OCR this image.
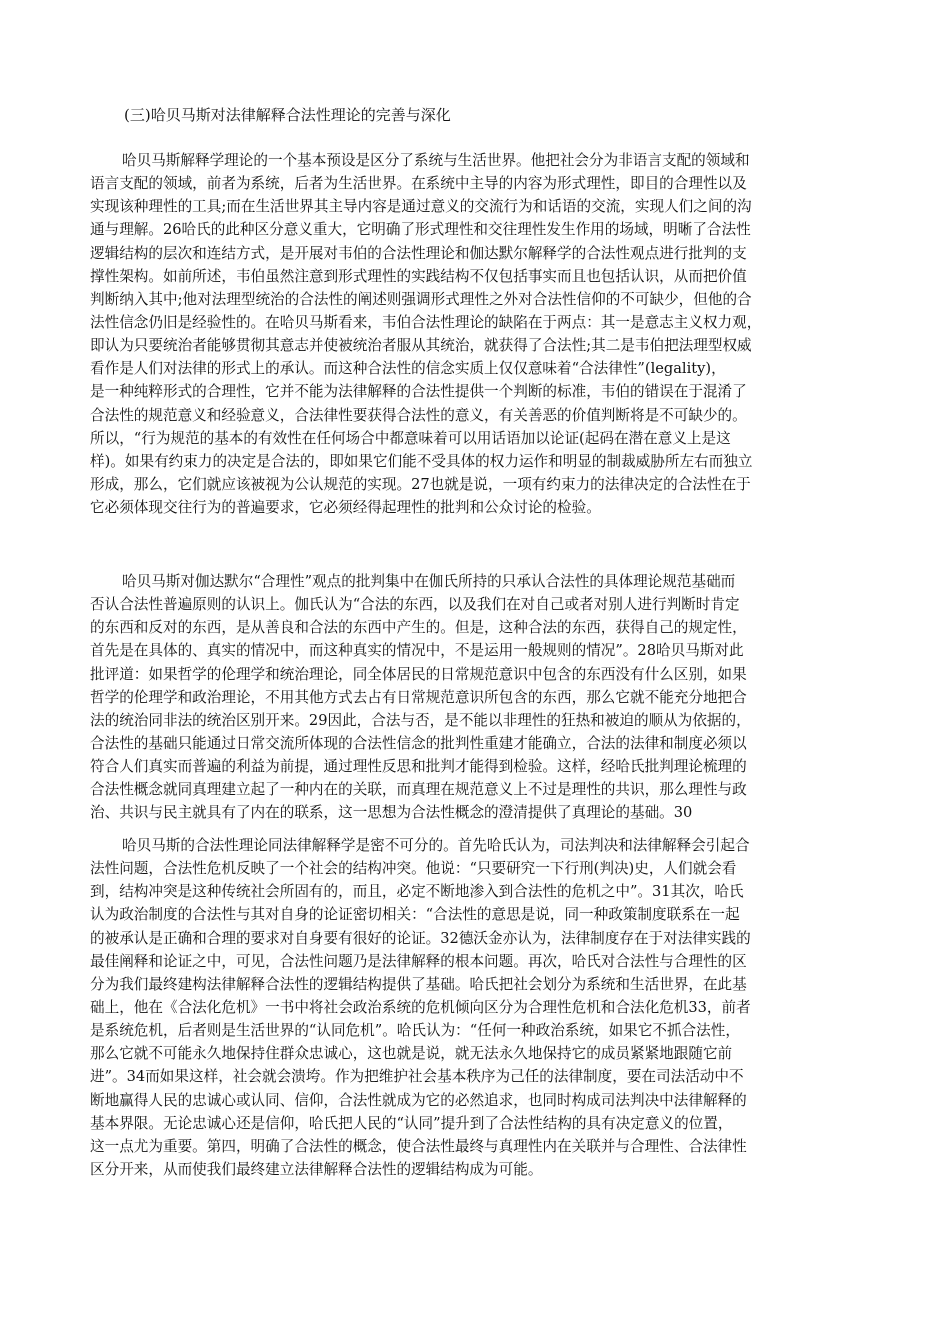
(三)哈贝马斯对法律解释合法性理论的完善与深化
哈贝马斯解释学理论的一个基本预设是区分了系统与生活世界。他把社会分为非语言支配的领域和
语言支配的领域，前者为系统，后者为生活世界。在系统中主导的内容为形式理性，即目的合理性以及
实现该种理性的工具;而在生活世界其主导内容是通过意义的交流行为和话语的交流，实现人们之间的沟
通与理解。26哈氏的此种区分意义重大，它明确了形式理性和交往理性发生作用的场域，明晰了合法性
逻辑结构的层次和连结方式，是开展对韦伯的合法性理论和伽达默尔解释学的合法性观点进行批判的支
撑性架构。如前所述，韦伯虽然注意到形式理性的实践结构不仅包括事实而且也包括认识，从而把价值
判断纳入其中;他对法理型统治的合法性的阐述则强调形式理性之外对合法性信仰的不可缺少，但他的合
法性信念仍旧是经验性的。在哈贝马斯看来，韦伯合法性理论的缺陷在于两点：其一是意志主义权力观，
即认为只要统治者能够贯彻其意志并使被统治者服从其统治，就获得了合法性;其二是韦伯把法理型权威
看作是人们对法律的形式上的承认。而这种合法性的信念实质上仅仅意味着“合法律性”(legality)，
是一种纯粹形式的合理性，它并不能为法律解释的合法性提供一个判断的标准，韦伯的错误在于混淆了
合法性的规范意义和经验意义，合法律性要获得合法性的意义，有关善恶的价值判断将是不可缺少的。
所以，“行为规范的基本的有效性在任何场合中都意味着可以用话语加以论证(起码在潜在意义上是这
样)。如果有约束力的决定是合法的，即如果它们能不受具体的权力运作和明显的制裁威胁所左右而独立
形成，那么，它们就应该被视为公认规范的实现。27也就是说，一项有约束力的法律决定的合法性在于
它必须体现交往行为的普遍要求，它必须经得起理性的批判和公众讨论的检验。
哈贝马斯对伽达默尔“合理性”观点的批判集中在伽氏所持的只承认合法性的具体理论规范基础而
否认合法性普遍原则的认识上。伽氏认为“合法的东西，以及我们在对自己或者对别人进行判断时肯定
的东西和反对的东西，是从善良和合法的东西中产生的。但是，这种合法的东西，获得自己的规定性，
首先是在具体的、真实的情况中，而这种真实的情况中，不是运用一般规则的情况”。28哈贝马斯对此
批评道：如果哲学的伦理学和统治理论，同全体居民的日常规范意识中包含的东西没有什么区别，如果
哲学的伦理学和政治理论，不用其他方式去占有日常规范意识所包含的东西，那么它就不能充分地把合
法的统治同非法的统治区别开来。29因此，合法与否，是不能以非理性的狂热和被迫的顺从为依据的，
合法性的基础只能通过日常交流所体现的合法性信念的批判性重建才能确立，合法的法律和制度必须以
符合人们真实而普遍的利益为前提，通过理性反思和批判才能得到检验。这样，经哈氏批判理论梳理的
合法性概念就同真理建立起了一种内在的关联，而真理在规范意义上不过是理性的共识，那么理性与政
治、共识与民主就具有了内在的联系，这一思想为合法性概念的澄清提供了真理论的基础。30
哈贝马斯的合法性理论同法律解释学是密不可分的。首先哈氏认为，司法判决和法律解释会引起合
法性问题，合法性危机反映了一个社会的结构冲突。他说：“只要研究一下行刑(判决)史，人们就会看
到，结构冲突是这种传统社会所固有的，而且，必定不断地渗入到合法性的危机之中”。31其次，哈氏
认为政治制度的合法性与其对自身的论证密切相关：“合法性的意思是说，同一种政策制度联系在一起
的被承认是正确和合理的要求对自身要有很好的论证。32德沃金亦认为，法律制度存在于对法律实践的
最佳阐释和论证之中，可见，合法性问题乃是法律解释的根本问题。再次，哈氏对合法性与合理性的区
分为我们最终建构法律解释合法性的逻辑结构提供了基础。哈氏把社会划分为系统和生活世界，在此基
础上，他在《合法化危机》一书中将社会政治系统的危机倾向区分为合理性危机和合法化危机33，前者
是系统危机，后者则是生活世界的“认同危机”。哈氏认为：“任何一种政治系统，如果它不抓合法性，
那么它就不可能永久地保持住群众忠诚心，这也就是说，就无法永久地保持它的成员紧紧地跟随它前
进”。34而如果这样，社会就会溃垮。作为把维护社会基本秩序为己任的法律制度，要在司法活动中不
断地赢得人民的忠诚心或认同、信仰，合法性就成为它的必然追求，也同时构成司法判决中法律解释的
基本界限。无论忠诚心还是信仰，哈氏把人民的“认同”提升到了合法性结构的具有决定意义的位置，
这一点尤为重要。第四，明确了合法性的概念，使合法性最终与真理性内在关联并与合理性、合法律性
区分开来，从而使我们最终建立法律解释合法性的逻辑结构成为可能。
